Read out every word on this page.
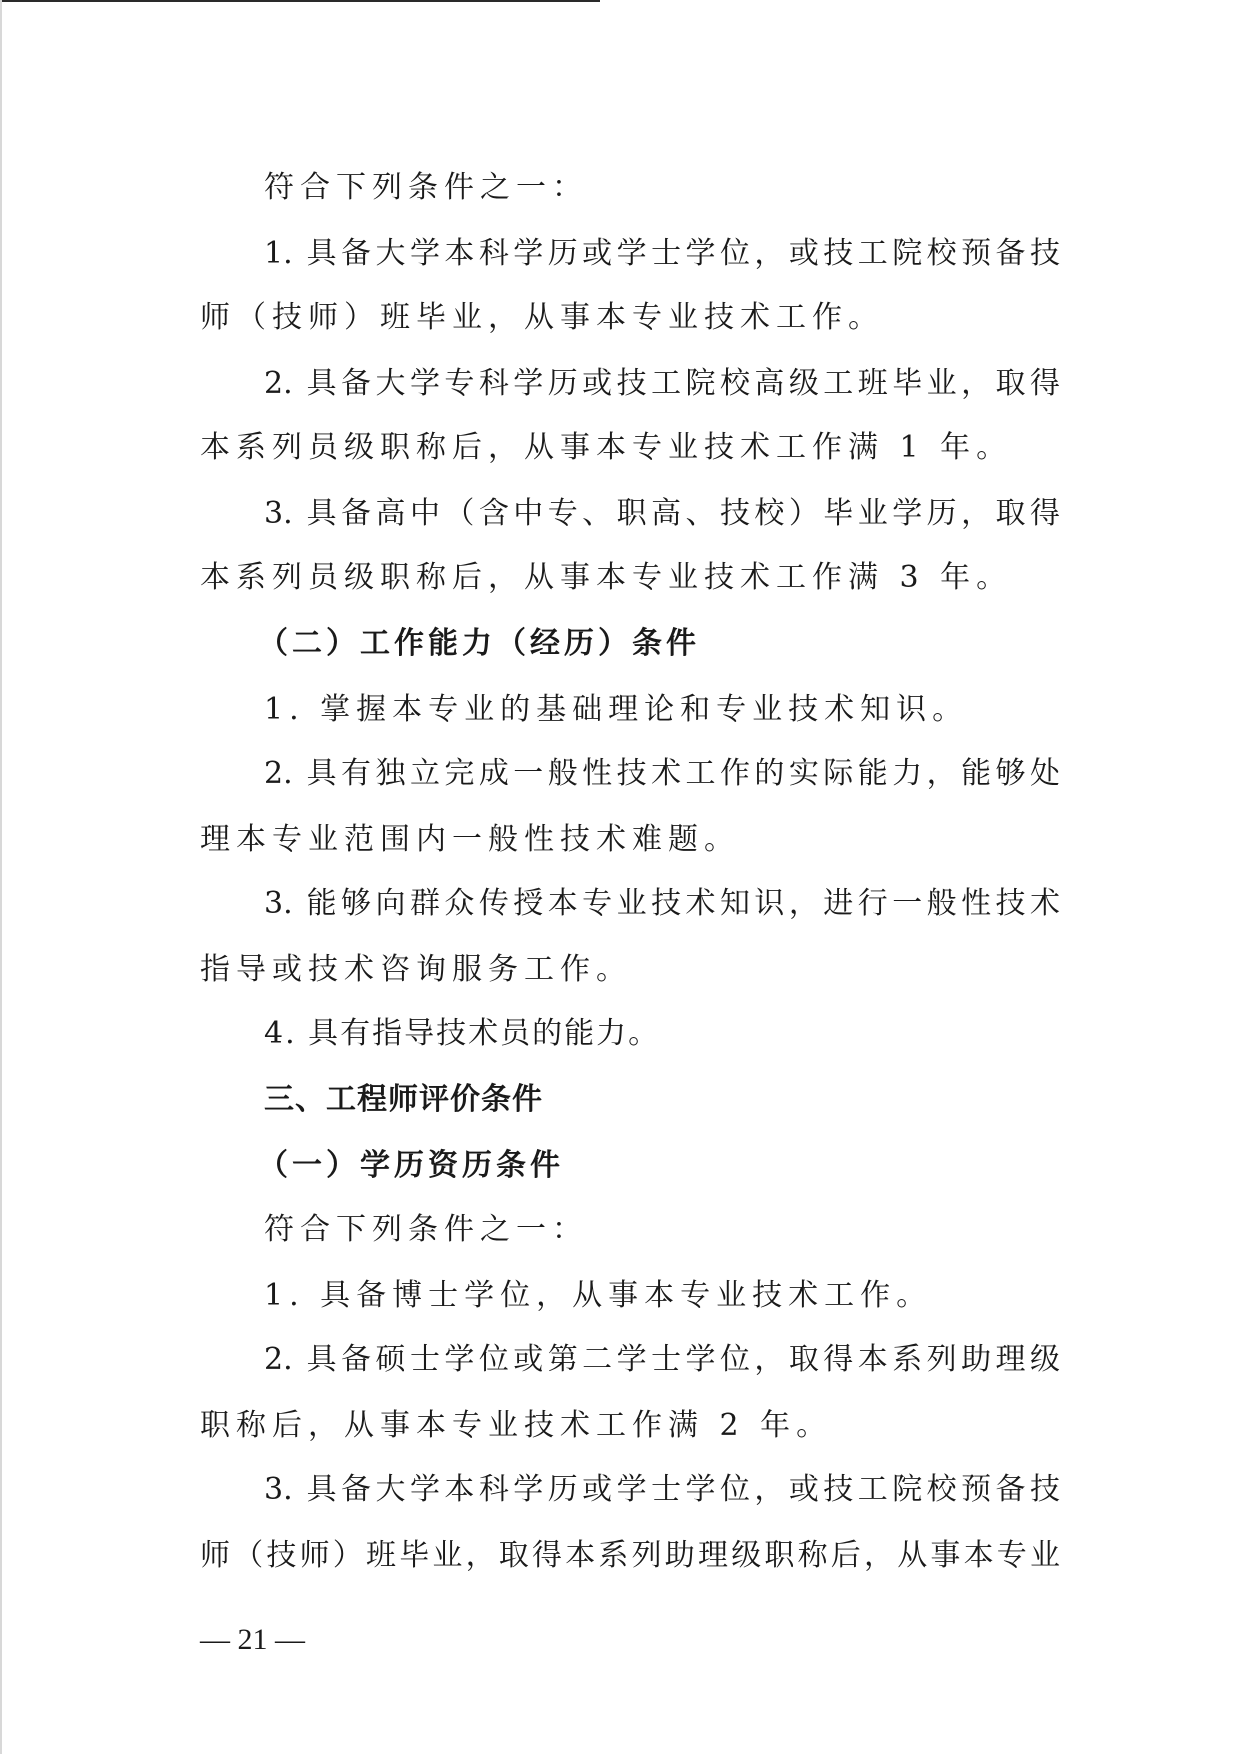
符合下列条件之一：

1. 具备大学本科学历或学士学位，或技工院校预备技

师（技师）班毕业，从事本专业技术工作。

2. 具备大学专科学历或技工院校高级工班毕业，取得

本系列员级职称后，从事本专业技术工作满 1 年。

3. 具备高中（含中专、职高、技校）毕业学历，取得

本系列员级职称后，从事本专业技术工作满 3 年。

（二）工作能力（经历）条件

1. 掌握本专业的基础理论和专业技术知识。

2. 具有独立完成一般性技术工作的实际能力，能够处

理本专业范围内一般性技术难题。

3. 能够向群众传授本专业技术知识，进行一般性技术

指导或技术咨询服务工作。

4. 具有指导技术员的能力。

三、工程师评价条件

（一）学历资历条件

符合下列条件之一：

1. 具备博士学位，从事本专业技术工作。

2. 具备硕士学位或第二学士学位，取得本系列助理级

职称后，从事本专业技术工作满 2 年。

3. 具备大学本科学历或学士学位，或技工院校预备技

师（技师）班毕业，取得本系列助理级职称后，从事本专业

— 21 —
